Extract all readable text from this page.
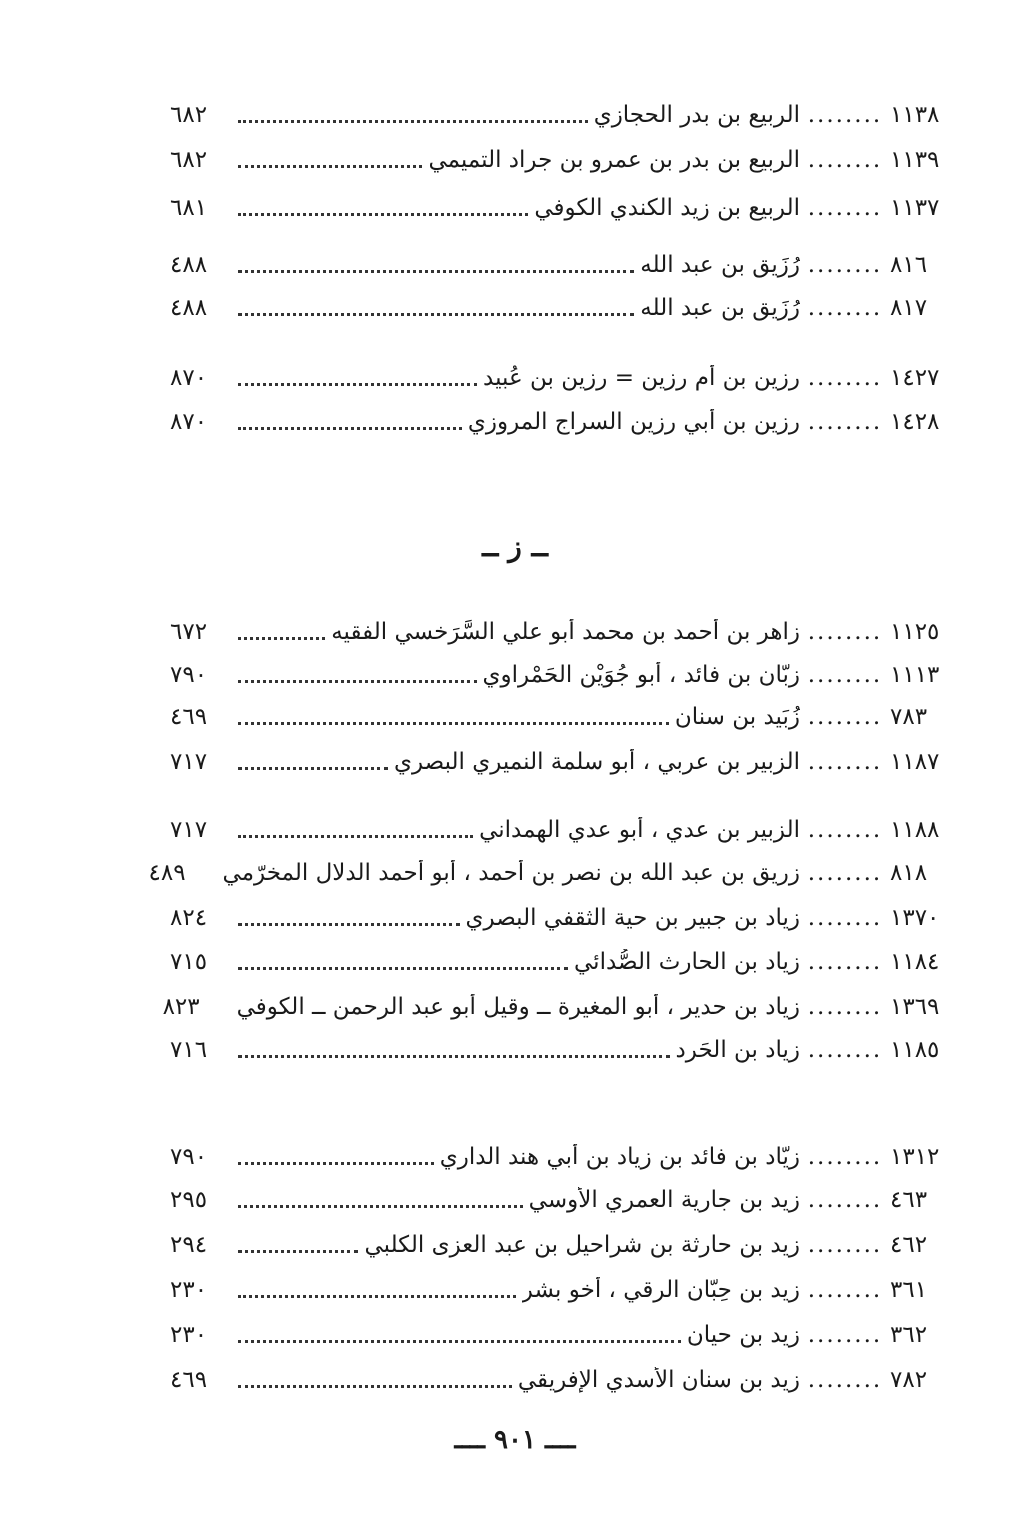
١١٣٨
........
الربيع بن بدر الحجازي
٦٨٢
١١٣٩
........
الربيع بن بدر بن عمرو بن جراد التميمي
٦٨٢
١١٣٧
........
الربيع بن زيد الكندي الكوفي
٦٨١
٨١٦
........
رُزَيق بن عبد الله
٤٨٨
٨١٧
........
رُزَيق بن عبد الله
٤٨٨
١٤٢٧
........
رزين بن أم رزين = رزين بن عُبيد
٨٧٠
١٤٢٨
........
رزين بن أبي رزين السراج المروزي
٨٧٠
ــ ز ــ
١١٢٥
........
زاهر بن أحمد بن محمد أبو علي السَّرَخسي الفقيه
٦٧٢
١١١٣
........
زبّان بن فائد ، أبو جُوَيْن الحَمْراوي
٧٩٠
٧٨٣
........
زُبَيد بن سنان
٤٦٩
١١٨٧
........
الزبير بن عربي ، أبو سلمة النميري البصري
٧١٧
١١٨٨
........
الزبير بن عدي ، أبو عدي الهمداني
٧١٧
٨١٨
........
زريق بن عبد الله بن نصر بن أحمد ، أبو أحمد الدلال المخرّمي
٤٨٩
١٣٧٠
........
زياد بن جبير بن حية الثقفي البصري
٨٢٤
١١٨٤
........
زياد بن الحارث الصُّدائي
٧١٥
١٣٦٩
........
زياد بن حدير ، أبو المغيرة ــ وقيل أبو عبد الرحمن ــ الكوفي
٨٢٣
١١٨٥
........
زياد بن الحَرِد
٧١٦
١٣١٢
........
زيّاد بن فائد بن زياد بن أبي هند الداري
٧٩٠
٤٦٣
........
زيد بن جارية العمري الأوسي
٢٩٥
٤٦٢
........
زيد بن حارثة بن شراحيل بن عبد العزى الكلبي
٢٩٤
٣٦١
........
زيد بن حِبّان الرقي ، أخو بشر
٢٣٠
٣٦٢
........
زيد بن حيان
٢٣٠
٧٨٢
........
زيد بن سنان الأسدي الإفريقي
٤٦٩
ــــ ٩٠١ ــــ
